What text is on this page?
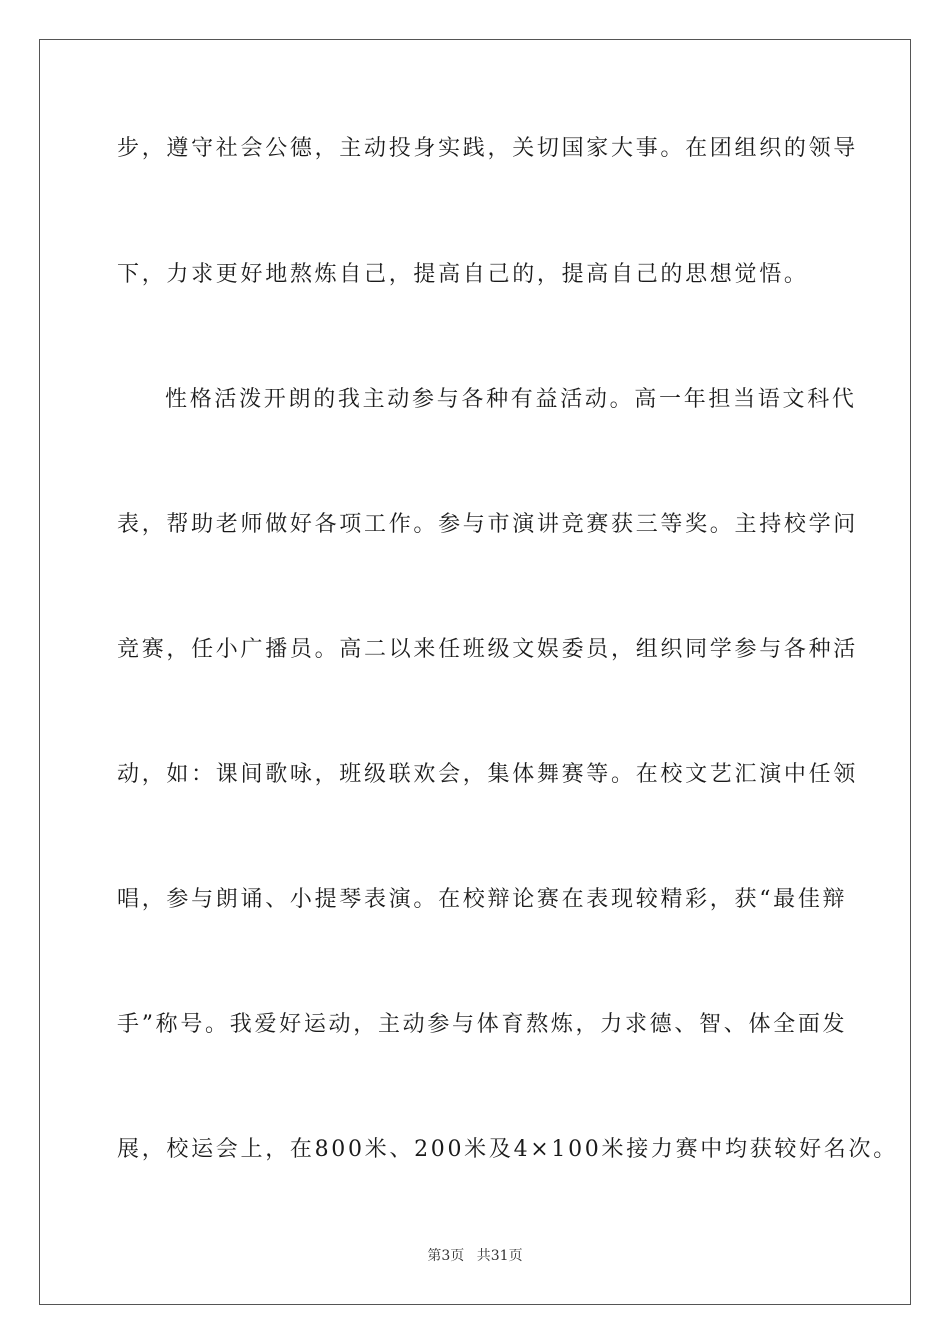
步，遵守社会公德，主动投身实践，关切国家大事。在团组织的领导
下，力求更好地熬炼自己，提高自己的，提高自己的思想觉悟。
性格活泼开朗的我主动参与各种有益活动。高一年担当语文科代
表，帮助老师做好各项工作。参与市演讲竞赛获三等奖。主持校学问
竞赛，任小广播员。高二以来任班级文娱委员，组织同学参与各种活
动，如：课间歌咏，班级联欢会，集体舞赛等。在校文艺汇演中任领
唱，参与朗诵、小提琴表演。在校辩论赛在表现较精彩，获“最佳辩
手”称号。我爱好运动，主动参与体育熬炼，力求德、智、体全面发
展，校运会上，在800米、200米及4×100米接力赛中均获较好名次。
第3页 共31页
